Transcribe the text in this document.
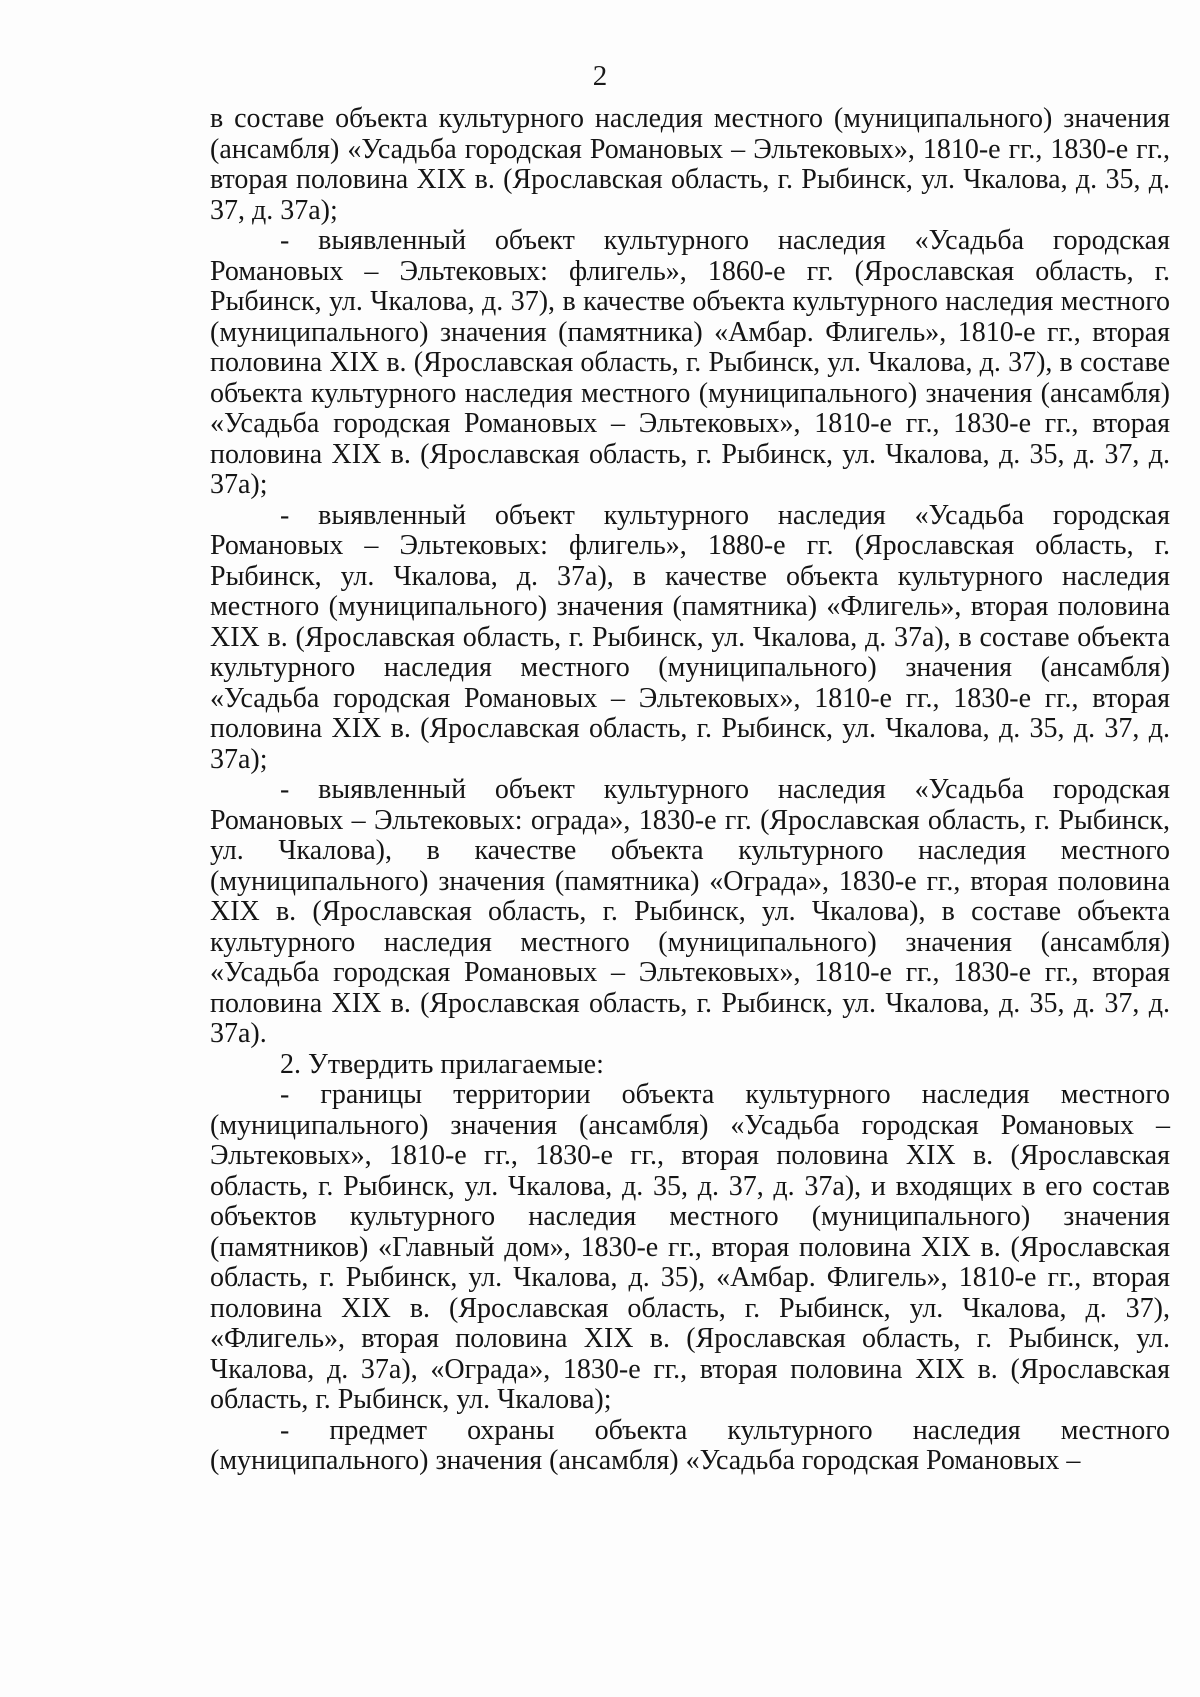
2

в составе объекта культурного наследия местного (муниципального) значения (ансамбля) «Усадьба городская Романовых – Эльтековых», 1810-е гг., 1830-е гг., вторая половина XIX в. (Ярославская область, г. Рыбинск, ул. Чкалова, д. 35, д. 37, д. 37а);

- выявленный объект культурного наследия «Усадьба городская Романовых – Эльтековых: флигель», 1860-е гг. (Ярославская область, г. Рыбинск, ул. Чкалова, д. 37), в качестве объекта культурного наследия местного (муниципального) значения (памятника) «Амбар. Флигель», 1810-е гг., вторая половина XIX в. (Ярославская область, г. Рыбинск, ул. Чкалова, д. 37), в составе объекта культурного наследия местного (муниципального) значения (ансамбля) «Усадьба городская Романовых – Эльтековых», 1810-е гг., 1830-е гг., вторая половина XIX в. (Ярославская область, г. Рыбинск, ул. Чкалова, д. 35, д. 37, д. 37а);

- выявленный объект культурного наследия «Усадьба городская Романовых – Эльтековых: флигель», 1880-е гг. (Ярославская область, г. Рыбинск, ул. Чкалова, д. 37а), в качестве объекта культурного наследия местного (муниципального) значения (памятника) «Флигель», вторая половина XIX в. (Ярославская область, г. Рыбинск, ул. Чкалова, д. 37а), в составе объекта культурного наследия местного (муниципального) значения (ансамбля) «Усадьба городская Романовых – Эльтековых», 1810-е гг., 1830-е гг., вторая половина XIX в. (Ярославская область, г. Рыбинск, ул. Чкалова, д. 35, д. 37, д. 37а);

- выявленный объект культурного наследия «Усадьба городская Романовых – Эльтековых: ограда», 1830-е гг. (Ярославская область, г. Рыбинск, ул. Чкалова), в качестве объекта культурного наследия местного (муниципального) значения (памятника) «Ограда», 1830-е гг., вторая половина XIX в. (Ярославская область, г. Рыбинск, ул. Чкалова), в составе объекта культурного наследия местного (муниципального) значения (ансамбля) «Усадьба городская Романовых – Эльтековых», 1810-е гг., 1830-е гг., вторая половина XIX в. (Ярославская область, г. Рыбинск, ул. Чкалова, д. 35, д. 37, д. 37а).

2. Утвердить прилагаемые:

- границы территории объекта культурного наследия местного (муниципального) значения (ансамбля) «Усадьба городская Романовых – Эльтековых», 1810-е гг., 1830-е гг., вторая половина XIX в. (Ярославская область, г. Рыбинск, ул. Чкалова, д. 35, д. 37, д. 37а), и входящих в его состав объектов культурного наследия местного (муниципального) значения (памятников) «Главный дом», 1830-е гг., вторая половина XIX в. (Ярославская область, г. Рыбинск, ул. Чкалова, д. 35), «Амбар. Флигель», 1810-е гг., вторая половина XIX в. (Ярославская область, г. Рыбинск, ул. Чкалова, д. 37), «Флигель», вторая половина XIX в. (Ярославская область, г. Рыбинск, ул. Чкалова, д. 37а), «Ограда», 1830-е гг., вторая половина XIX в. (Ярославская область, г. Рыбинск, ул. Чкалова);

- предмет охраны объекта культурного наследия местного (муниципального) значения (ансамбля) «Усадьба городская Романовых –
